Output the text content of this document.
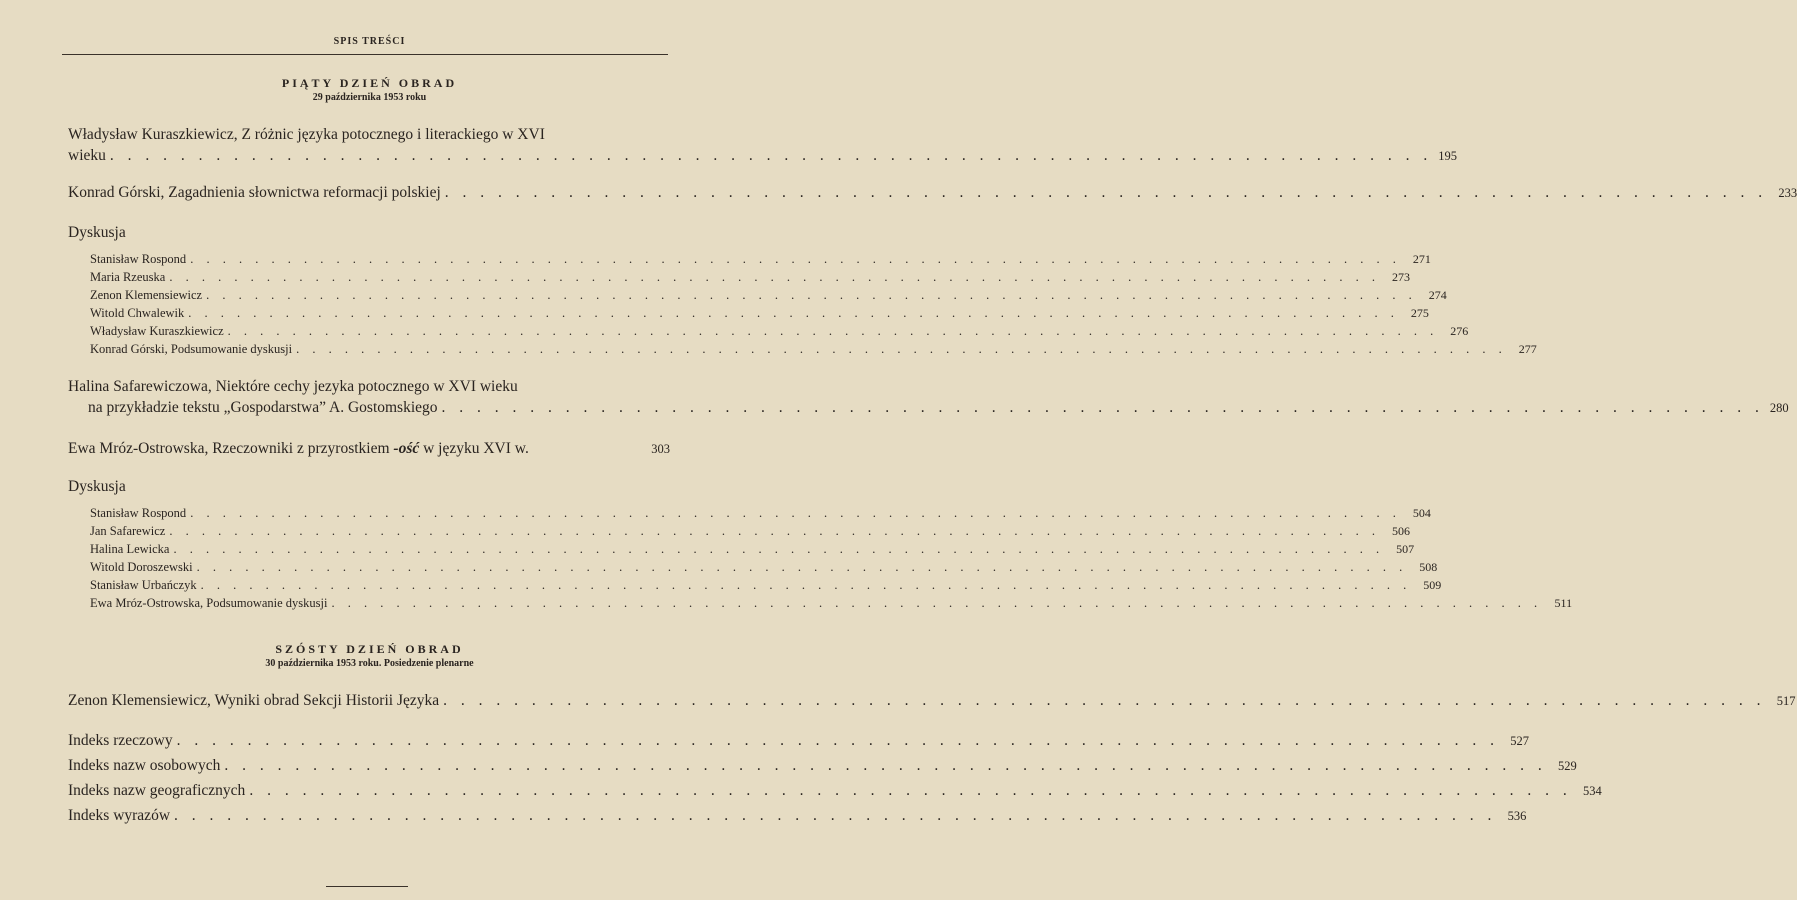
SPIS TREŚCI
PIĄTY DZIEŃ OBRAD
29 października 1953 roku
Władysław Kuraszkiewicz, Z różnic języka potocznego i literackiego w XVI
wieku . . . . . . . . . . . . . . . . . . . . . . . . . . . . . . . . . . . . . . . . . . . . . . . . . . . . . . . . . . . . . . . . . . . . . . . . . . . 195
Konrad Górski, Zagadnienia słownictwa reformacji polskiej . . . . . . . . . . . . . . . . . . . . . . . . . . . . . . . . . . . . . . . . . . . . . . . . . . . . . . . . . . . . . . . . . . . . . . . . . . . 233
Dyskusja
Stanisław Rospond . . . . . . . . . . . . . . . . . . . . . . . . . . . . . . . . . . . . . . . . . . . . . . . . . . . . . . . . . . . . . . . . . . . . . . . . . . .	271
Maria Rzeuska . . . . . . . . . . . . . . . . . . . . . . . . . . . . . . . . . . . . . . . . . . . . . . . . . . . . . . . . . . . . . . . . . . . . . . . . . . .	273
Zenon Klemensiewicz . . . . . . . . . . . . . . . . . . . . . . . . . . . . . . . . . . . . . . . . . . . . . . . . . . . . . . . . . . . . . . . . . . . . . . . . . . .	274
Witold Chwalewik . . . . . . . . . . . . . . . . . . . . . . . . . . . . . . . . . . . . . . . . . . . . . . . . . . . . . . . . . . . . . . . . . . . . . . . . . . .	275
Władysław Kuraszkiewicz . . . . . . . . . . . . . . . . . . . . . . . . . . . . . . . . . . . . . . . . . . . . . . . . . . . . . . . . . . . . . . . . . . . . . . . . . . .	276
Konrad Górski, Podsumowanie dyskusji . . . . . . . . . . . . . . . . . . . . . . . . . . . . . . . . . . . . . . . . . . . . . . . . . . . . . . . . . . . . . . . . . . . . . . . . . . .	277
Halina Safarewiczowa, Niektóre cechy jezyka potocznego w XVI wieku
na przykładzie tekstu „Gospodarstwa” A. Gostomskiego . . . . . . . . . . . . . . . . . . . . . . . . . . . . . . . . . . . . . . . . . . . . . . . . . . . . . . . . . . . . . . . . . . . . . . . . . . . 280
Ewa Mróz-Ostrowska, Rzeczowniki z przyrostkiem -ość w języku XVI w.	303
Dyskusja
Stanisław Rospond . . . . . . . . . . . . . . . . . . . . . . . . . . . . . . . . . . . . . . . . . . . . . . . . . . . . . . . . . . . . . . . . . . . . . . . . . . .	504
Jan Safarewicz . . . . . . . . . . . . . . . . . . . . . . . . . . . . . . . . . . . . . . . . . . . . . . . . . . . . . . . . . . . . . . . . . . . . . . . . . . .	506
Halina Lewicka . . . . . . . . . . . . . . . . . . . . . . . . . . . . . . . . . . . . . . . . . . . . . . . . . . . . . . . . . . . . . . . . . . . . . . . . . . .	507
Witold Doroszewski . . . . . . . . . . . . . . . . . . . . . . . . . . . . . . . . . . . . . . . . . . . . . . . . . . . . . . . . . . . . . . . . . . . . . . . . . . .	508
Stanisław Urbańczyk . . . . . . . . . . . . . . . . . . . . . . . . . . . . . . . . . . . . . . . . . . . . . . . . . . . . . . . . . . . . . . . . . . . . . . . . . . .	509
Ewa Mróz-Ostrowska, Podsumowanie dyskusji . . . . . . . . . . . . . . . . . . . . . . . . . . . . . . . . . . . . . . . . . . . . . . . . . . . . . . . . . . . . . . . . . . . . . . . . . . .	511
SZÓSTY DZIEŃ OBRAD
30 października 1953 roku. Posiedzenie plenarne
Zenon Klemensiewicz, Wyniki obrad Sekcji Historii Języka . . . . . . . . . . . . . . . . . . . . . . . . . . . . . . . . . . . . . . . . . . . . . . . . . . . . . . . . . . . . . . . . . . . . . . . . . . . 517
Indeks rzeczowy . . . . . . . . . . . . . . . . . . . . . . . . . . . . . . . . . . . . . . . . . . . . . . . . . . . . . . . . . . . . . . . . . . . . . . . . . . . 527
Indeks nazw osobowych . . . . . . . . . . . . . . . . . . . . . . . . . . . . . . . . . . . . . . . . . . . . . . . . . . . . . . . . . . . . . . . . . . . . . . . . . . . 529
Indeks nazw geograficznych . . . . . . . . . . . . . . . . . . . . . . . . . . . . . . . . . . . . . . . . . . . . . . . . . . . . . . . . . . . . . . . . . . . . . . . . . . . 534
Indeks wyrazów . . . . . . . . . . . . . . . . . . . . . . . . . . . . . . . . . . . . . . . . . . . . . . . . . . . . . . . . . . . . . . . . . . . . . . . . . . . 536
